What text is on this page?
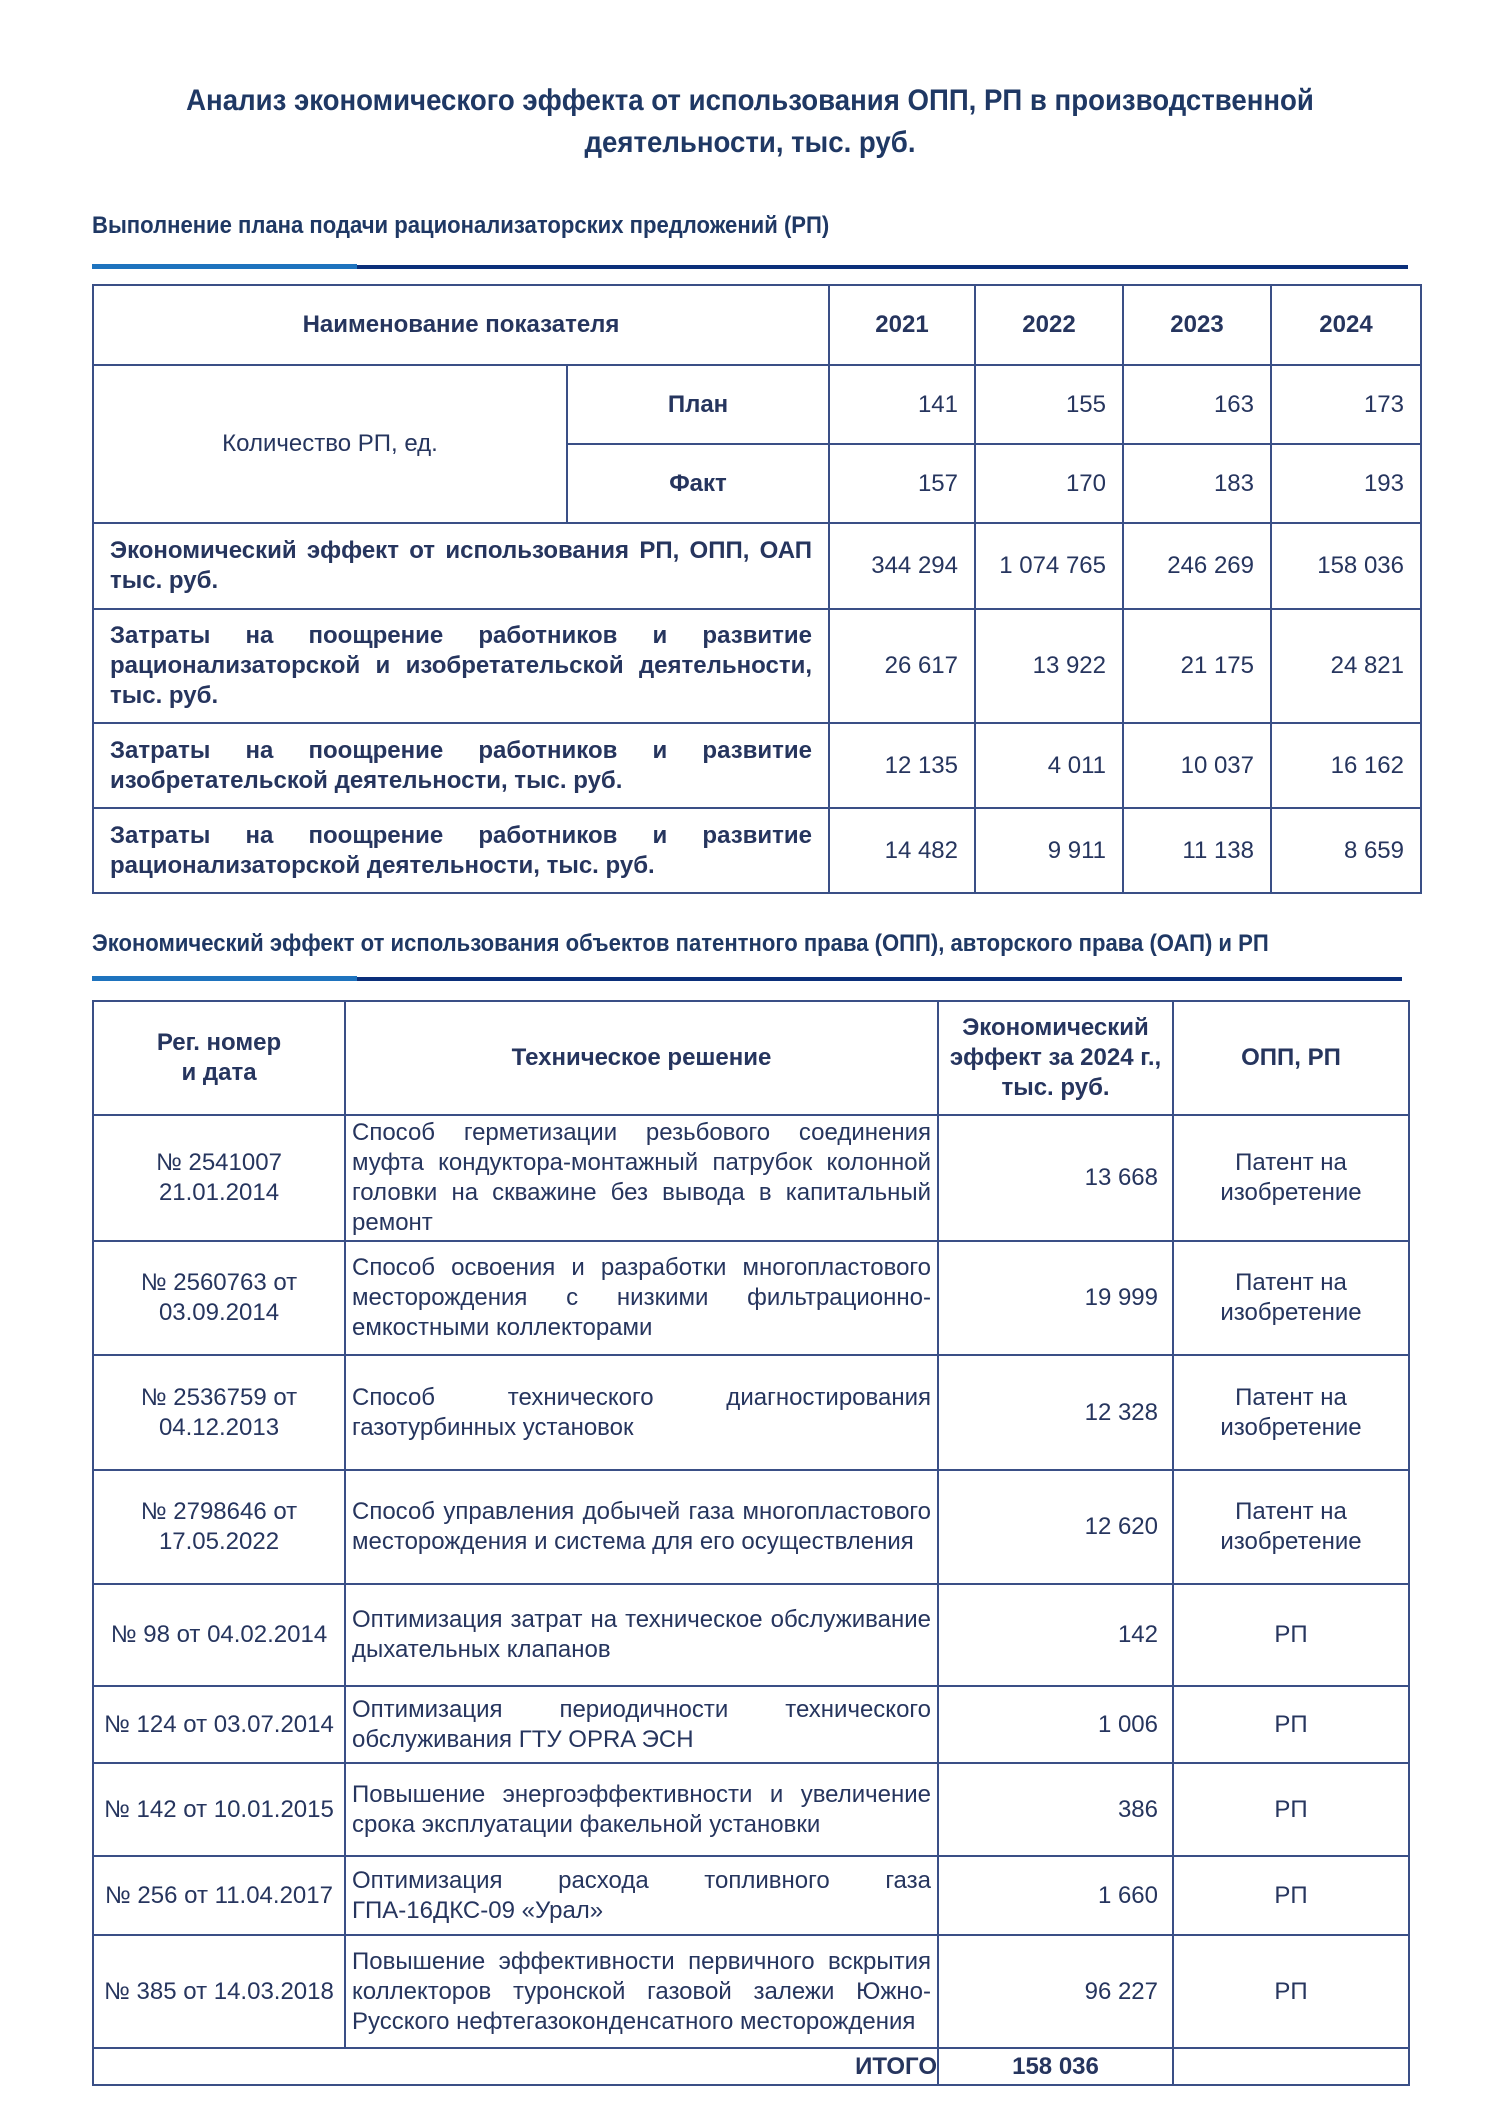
Анализ экономического эффекта от использования ОПП, РП в производственной деятельности, тыс. руб.
Выполнение плана подачи рационализаторских предложений (РП)
Наименование показателя		2021	2022	2023	2024
Количество РП, ед.	План	141	155	163	173
	Факт	157	170	183	193
Экономический эффект от использования РП, ОПП, ОАП тыс. руб.		344 294	1 074 765	246 269	158 036
Затраты на поощрение работников и развитие рационализаторской и изобретательской деятельности, тыс. руб.		26 617	13 922	21 175	24 821
Затраты на поощрение работников и развитие изобретательской деятельности, тыс. руб.		12 135	4 011	10 037	16 162
Затраты на поощрение работников и развитие рационализаторской деятельности, тыс. руб.		14 482	9 911	11 138	8 659
Экономический эффект от использования объектов патентного права (ОПП), авторского права (ОАП) и РП
Рег. номер и дата	Техническое решение	Экономический эффект за 2024 г., тыс. руб.	ОПП, РП
№ 2541007 21.01.2014	Способ герметизации резьбового соединения муфта кондуктора-монтажный патрубок колонной головки на скважине без вывода в капитальный ремонт	13 668	Патент на изобретение
№ 2560763 от 03.09.2014	Способ освоения и разработки многопластового месторождения с низкими фильтрационно-емкостными коллекторами	19 999	Патент на изобретение
№ 2536759 от 04.12.2013	Способ технического диагностирования газотурбинных установок	12 328	Патент на изобретение
№ 2798646 от 17.05.2022	Способ управления добычей газа многопластового месторождения и система для его осуществления	12 620	Патент на изобретение
№ 98 от 04.02.2014	Оптимизация затрат на техническое обслуживание дыхательных клапанов	142	РП
№ 124 от 03.07.2014	Оптимизация периодичности технического обслуживания ГТУ OPRA ЭСН	1 006	РП
№ 142 от 10.01.2015	Повышение энергоэффективности и увеличение срока эксплуатации факельной установки	386	РП
№ 256 от 11.04.2017	Оптимизация расхода топливного газа ГПА-16ДКС-09 «Урал»	1 660	РП
№ 385 от 14.03.2018	Повышение эффективности первичного вскрытия коллекторов туронской газовой залежи Южно-Русского нефтегазоконденсатного месторождения	96 227	РП
ИТОГО		158 036	
